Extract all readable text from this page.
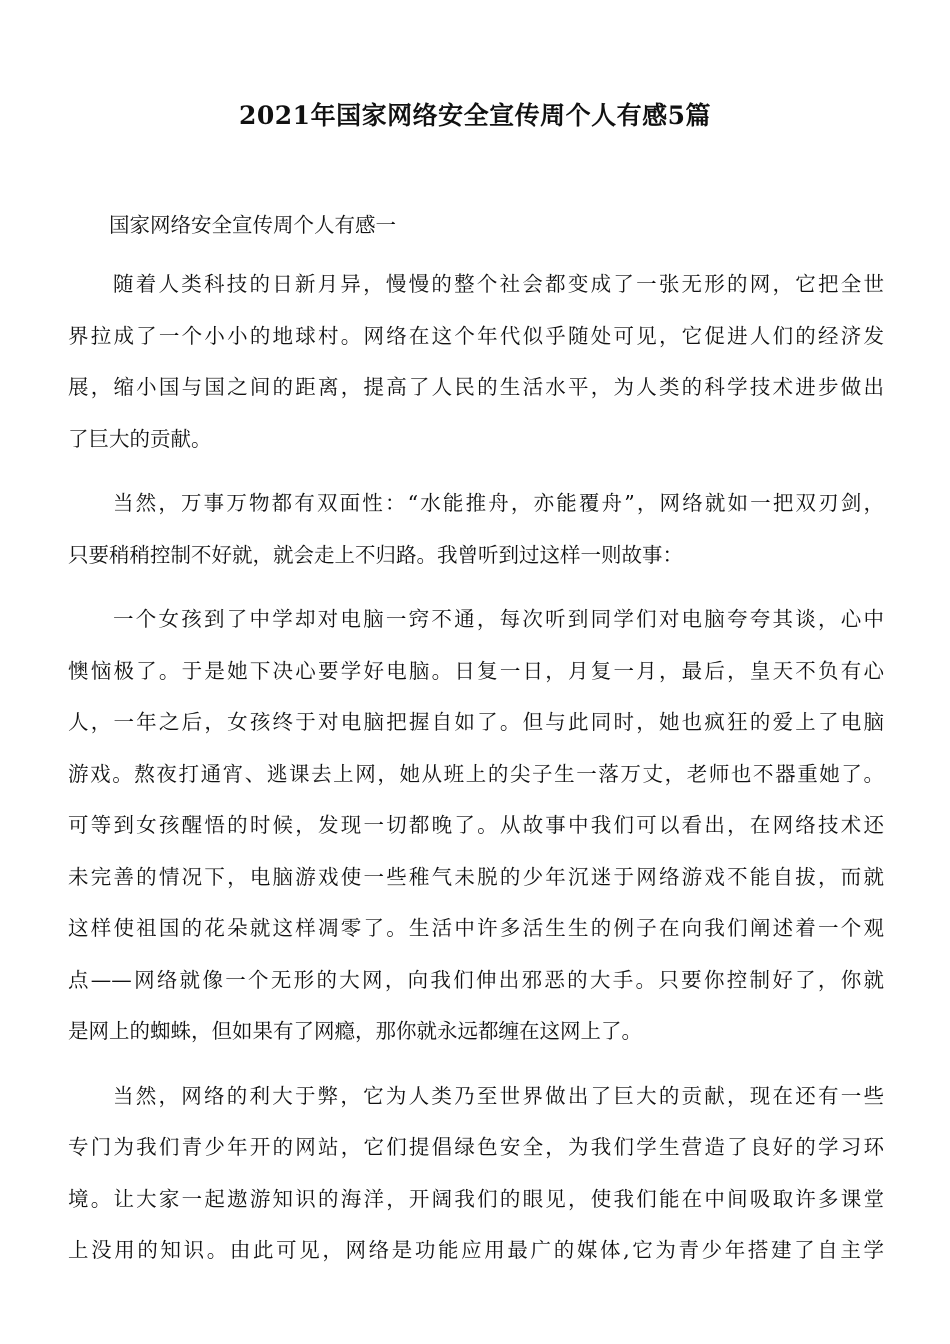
2021年国家网络安全宣传周个人有感5篇

国家网络安全宣传周个人有感一

随着人类科技的日新月异，慢慢的整个社会都变成了一张无形的网，它把全世
界拉成了一个小小的地球村。网络在这个年代似乎随处可见，它促进人们的经济发
展，缩小国与国之间的距离，提高了人民的生活水平，为人类的科学技术进步做出
了巨大的贡献。
当然，万事万物都有双面性：“水能推舟，亦能覆舟”，网络就如一把双刃剑，
只要稍稍控制不好就，就会走上不归路。我曾听到过这样一则故事：
一个女孩到了中学却对电脑一窍不通，每次听到同学们对电脑夸夸其谈，心中
懊恼极了。于是她下决心要学好电脑。日复一日，月复一月，最后，皇天不负有心
人，一年之后，女孩终于对电脑把握自如了。但与此同时，她也疯狂的爱上了电脑
游戏。熬夜打通宵、逃课去上网，她从班上的尖子生一落万丈，老师也不器重她了。
可等到女孩醒悟的时候，发现一切都晚了。从故事中我们可以看出，在网络技术还
未完善的情况下，电脑游戏使一些稚气未脱的少年沉迷于网络游戏不能自拔，而就
这样使祖国的花朵就这样凋零了。生活中许多活生生的例子在向我们阐述着一个观
点——网络就像一个无形的大网，向我们伸出邪恶的大手。只要你控制好了，你就
是网上的蜘蛛，但如果有了网瘾，那你就永远都缠在这网上了。
当然，网络的利大于弊，它为人类乃至世界做出了巨大的贡献，现在还有一些
专门为我们青少年开的网站，它们提倡绿色安全，为我们学生营造了良好的学习环
境。让大家一起遨游知识的海洋，开阔我们的眼见，使我们能在中间吸取许多课堂
上没用的知识。由此可见，网络是功能应用最广的媒体,它为青少年搭建了自主学
